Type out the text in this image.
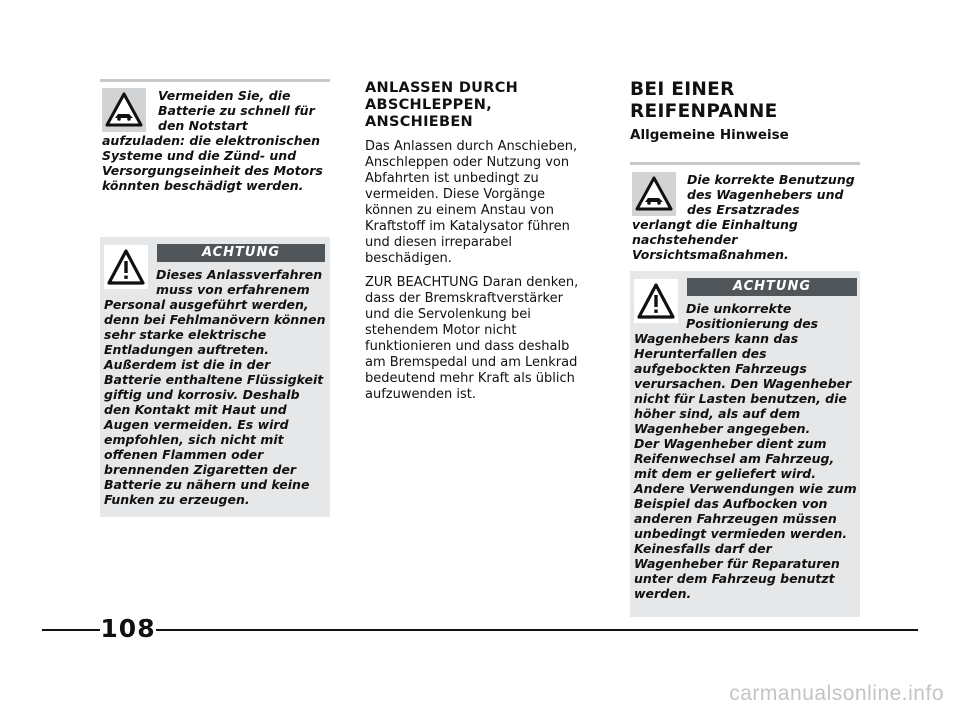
Vermeiden Sie, die Batterie zu schnell für den Notstart aufzuladen: die elektronischen Systeme und die Zünd- und Versorgungseinheit des Motors könnten beschädigt werden.

ACHTUNG

Dieses Anlassverfahren muss von erfahrenem Personal ausgeführt werden, denn bei Fehlmanövern können sehr starke elektrische Entladungen auftreten. Außerdem ist die in der Batterie enthaltene Flüssigkeit giftig und korrosiv. Deshalb den Kontakt mit Haut und Augen vermeiden. Es wird empfohlen, sich nicht mit offenen Flammen oder brennenden Zigaretten der Batterie zu nähern und keine Funken zu erzeugen.

ANLASSEN DURCH ABSCHLEPPEN, ANSCHIEBEN

Das Anlassen durch Anschieben, Anschleppen oder Nutzung von Abfahrten ist unbedingt zu vermeiden. Diese Vorgänge können zu einem Anstau von Kraftstoff im Katalysator führen und diesen irreparabel beschädigen.

ZUR BEACHTUNG Daran denken, dass der Bremskraftverstärker und die Servolenkung bei stehendem Motor nicht funktionieren und dass deshalb am Bremspedal und am Lenkrad bedeutend mehr Kraft als üblich aufzuwenden ist.

BEI EINER REIFENPANNE

Allgemeine Hinweise

Die korrekte Benutzung des Wagenhebers und des Ersatzrades verlangt die Einhaltung nachstehender Vorsichtsmaßnahmen.

ACHTUNG

Die unkorrekte Positionierung des Wagenhebers kann das Herunterfallen des aufgebockten Fahrzeugs verursachen. Den Wagenheber nicht für Lasten benutzen, die höher sind, als auf dem Wagenheber angegeben.

Der Wagenheber dient zum Reifenwechsel am Fahrzeug, mit dem er geliefert wird. Andere Verwendungen wie zum Beispiel das Aufbocken von anderen Fahrzeugen müssen unbedingt vermieden werden. Keinesfalls darf der Wagenheber für Reparaturen unter dem Fahrzeug benutzt werden.

108
carmanualsonline.info
